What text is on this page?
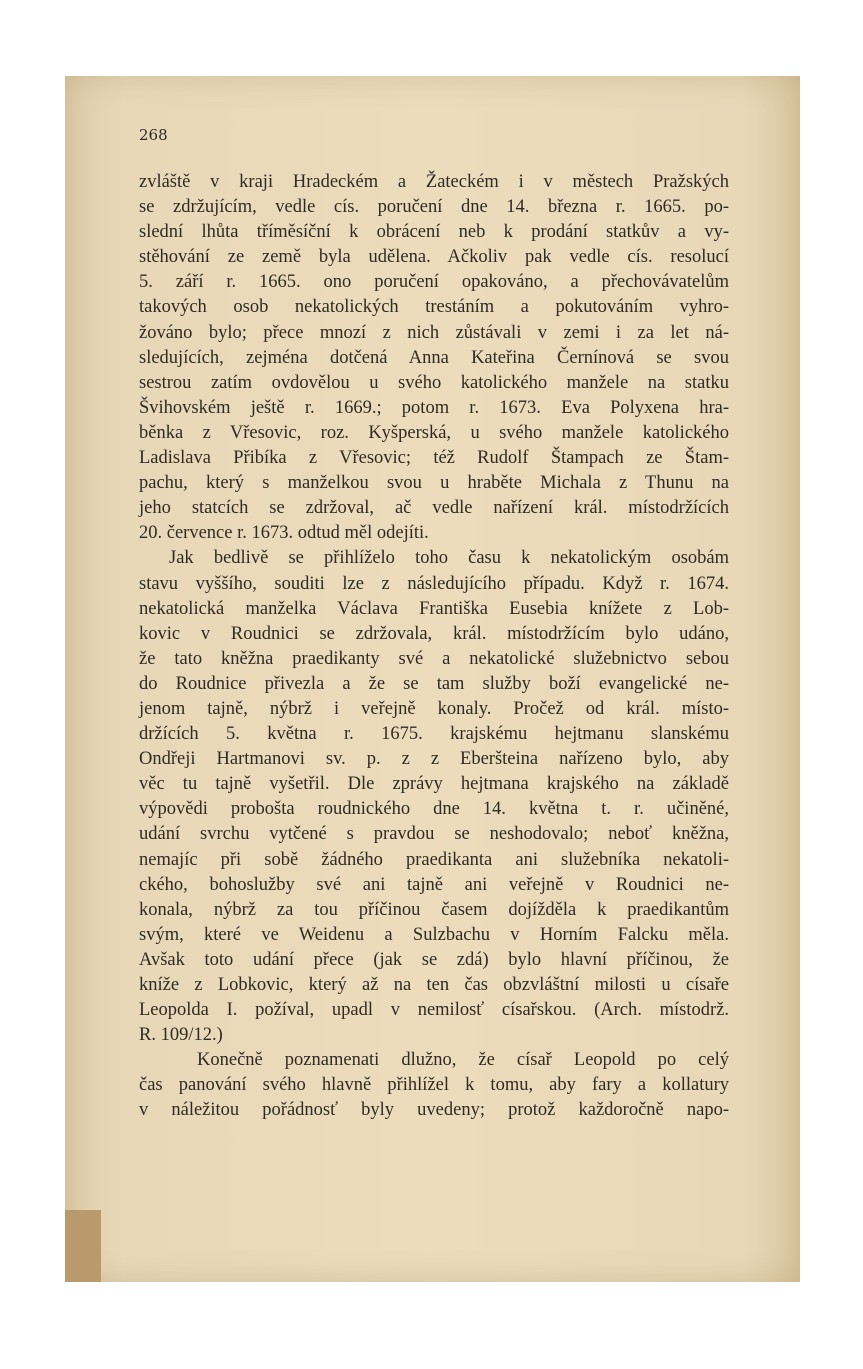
268

zvláště v kraji Hradeckém a Žateckém i v městech Pražských
se zdržujícím, vedle cís. poručení dne 14. března r. 1665. po-
slední lhůta tříměsíční k obrácení neb k prodání statkův a vy-
stěhování ze země byla udělena. Ačkoliv pak vedle cís. resolucí
5. září r. 1665. ono poručení opakováno, a přechovávatelům
takových osob nekatolických trestáním a pokutováním vyhro-
žováno bylo; přece mnozí z nich zůstávali v zemi i za let ná-
sledujících, zejména dotčená Anna Kateřina Černínová se svou
sestrou zatím ovdovělou u svého katolického manžele na statku
Švihovském ještě r. 1669.; potom r. 1673. Eva Polyxena hra-
běnka z Vřesovic, roz. Kyšperská, u svého manžele katolického
Ladislava Přibíka z Vřesovic; též Rudolf Štampach ze Štam-
pachu, který s manželkou svou u hraběte Michala z Thunu na
jeho statcích se zdržoval, ač vedle nařízení král. místodržících
20. července r. 1673. odtud měl odejíti.
Jak bedlivě se přihlíželo toho času k nekatolickým osobám
stavu vyššího, souditi lze z následujícího případu. Když r. 1674.
nekatolická manželka Václava Františka Eusebia knížete z Lob-
kovic v Roudnici se zdržovala, král. místodržícím bylo udáno,
že tato kněžna praedikanty své a nekatolické služebnictvo sebou
do Roudnice přivezla a že se tam služby boží evangelické ne-
jenom tajně, nýbrž i veřejně konaly. Pročež od král. místo-
držících 5. května r. 1675. krajskému hejtmanu slanskému
Ondřeji Hartmanovi sv. p. z z Eberšteina nařízeno bylo, aby
věc tu tajně vyšetřil. Dle zprávy hejtmana krajského na základě
výpovědi probošta roudnického dne 14. května t. r. učiněné,
udání svrchu vytčené s pravdou se neshodovalo; neboť kněžna,
nemajíc při sobě žádného praedikanta ani služebníka nekatoli-
ckého, bohoslužby své ani tajně ani veřejně v Roudnici ne-
konala, nýbrž za tou příčinou časem dojížděla k praedikantům
svým, které ve Weidenu a Sulzbachu v Horním Falcku měla.
Avšak toto udání přece (jak se zdá) bylo hlavní příčinou, že
kníže z Lobkovic, který až na ten čas obzvláštní milosti u císaře
Leopolda I. požíval, upadl v nemilosť císařskou. (Arch. místodrž.
R. 109/12.)
Konečně poznamenati dlužno, že císař Leopold po celý
čas panování svého hlavně přihlížel k tomu, aby fary a kollatury
v náležitou pořádnosť byly uvedeny; protož každoročně napo-
